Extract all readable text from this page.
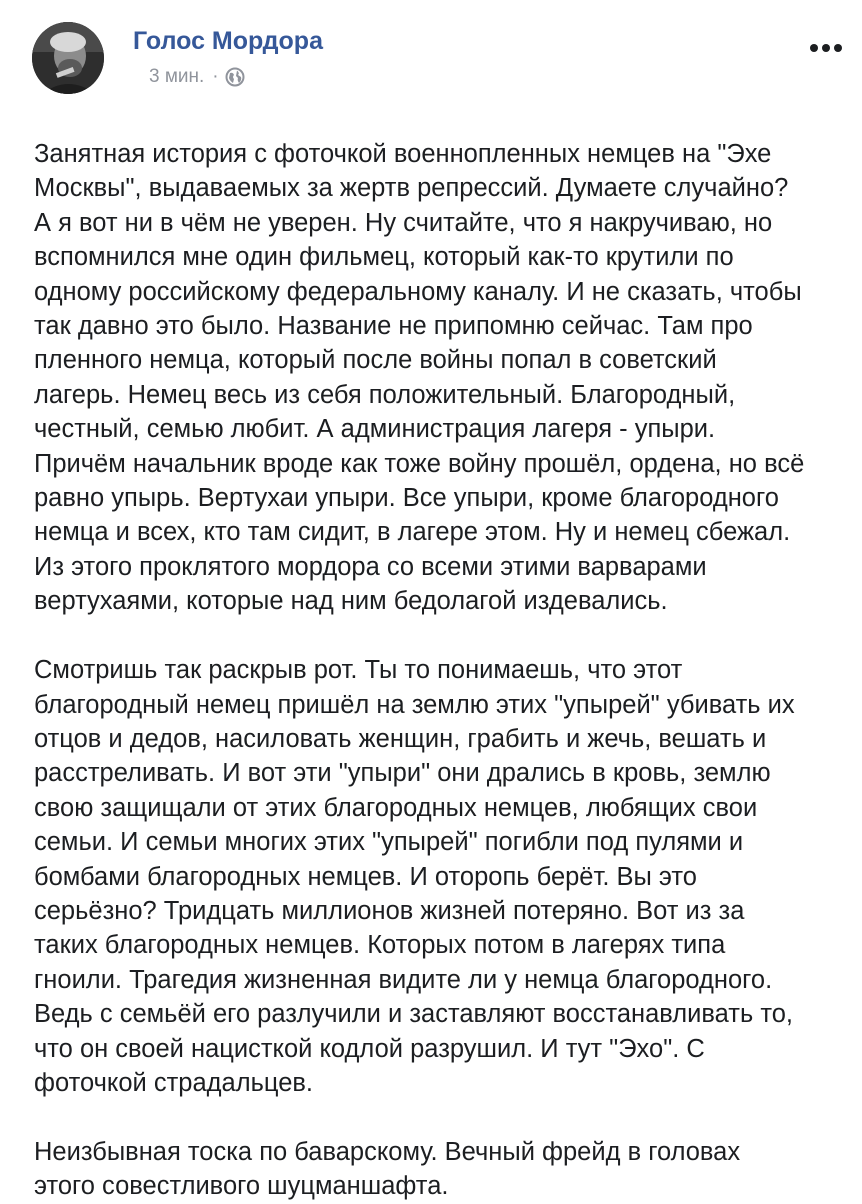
Голос Мордора
3 мин. ·

Занятная история с фоточкой военнопленных немцев на "Эхе
Москвы", выдаваемых за жертв репрессий. Думаете случайно?
А я вот ни в чём не уверен. Ну считайте, что я накручиваю, но
вспомнился мне один фильмец, который как-то крутили по
одному российскому федеральному каналу. И не сказать, чтобы
так давно это было. Название не припомню сейчас. Там про
пленного немца, который после войны попал в советский
лагерь. Немец весь из себя положительный. Благородный,
честный, семью любит. А администрация лагеря - упыри.
Причём начальник вроде как тоже войну прошёл, ордена, но всё
равно упырь. Вертухаи упыри. Все упыри, кроме благородного
немца и всех, кто там сидит, в лагере этом. Ну и немец сбежал.
Из этого проклятого мордора со всеми этими варварами
вертухаями, которые над ним бедолагой издевались.

Смотришь так раскрыв рот. Ты то понимаешь, что этот
благородный немец пришёл на землю этих "упырей" убивать их
отцов и дедов, насиловать женщин, грабить и жечь, вешать и
расстреливать. И вот эти "упыри" они дрались в кровь, землю
свою защищали от этих благородных немцев, любящих свои
семьи. И семьи многих этих "упырей" погибли под пулями и
бомбами благородных немцев. И оторопь берёт. Вы это
серьёзно? Тридцать миллионов жизней потеряно. Вот из за
таких благородных немцев. Которых потом в лагерях типа
гноили. Трагедия жизненная видите ли у немца благородного.
Ведь с семьёй его разлучили и заставляют восстанавливать то,
что он своей нацисткой кодлой разрушил. И тут "Эхо". С
фоточкой страдальцев.

Неизбывная тоска по баварскому. Вечный фрейд в головах
этого совестливого шуцманшафта.
